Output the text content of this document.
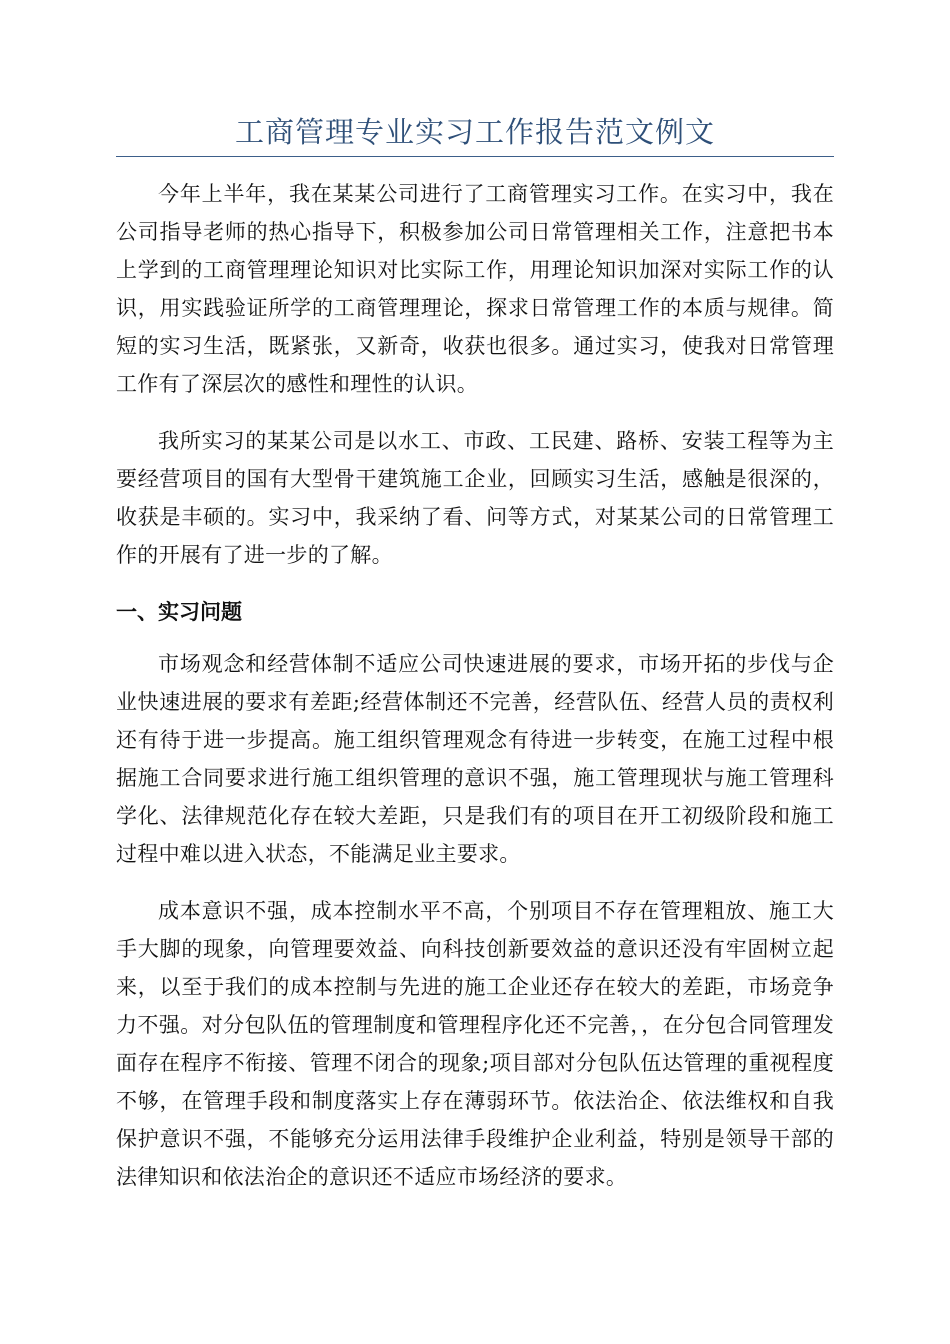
工商管理专业实习工作报告范文例文

今年上半年，我在某某公司进行了工商管理实习工作。在实习中，我在公司指导老师的热心指导下，积极参加公司日常管理相关工作，注意把书本上学到的工商管理理论知识对比实际工作，用理论知识加深对实际工作的认识，用实践验证所学的工商管理理论，探求日常管理工作的本质与规律。简短的实习生活，既紧张，又新奇，收获也很多。通过实习，使我对日常管理工作有了深层次的感性和理性的认识。

我所实习的某某公司是以水工、市政、工民建、路桥、安装工程等为主要经营项目的国有大型骨干建筑施工企业，回顾实习生活，感触是很深的，收获是丰硕的。实习中，我采纳了看、问等方式，对某某公司的日常管理工作的开展有了进一步的了解。

一、实习问题

市场观念和经营体制不适应公司快速进展的要求，市场开拓的步伐与企业快速进展的要求有差距;经营体制还不完善，经营队伍、经营人员的责权利还有待于进一步提高。施工组织管理观念有待进一步转变，在施工过程中根据施工合同要求进行施工组织管理的意识不强，施工管理现状与施工管理科学化、法律规范化存在较大差距，只是我们有的项目在开工初级阶段和施工过程中难以进入状态，不能满足业主要求。

成本意识不强，成本控制水平不高，个别项目不存在管理粗放、施工大手大脚的现象，向管理要效益、向科技创新要效益的意识还没有牢固树立起来，以至于我们的成本控制与先进的施工企业还存在较大的差距，市场竞争力不强。对分包队伍的管理制度和管理程序化还不完善，，在分包合同管理发面存在程序不衔接、管理不闭合的现象;项目部对分包队伍达管理的重视程度不够，在管理手段和制度落实上存在薄弱环节。依法治企、依法维权和自我保护意识不强，不能够充分运用法律手段维护企业利益，特别是领导干部的法律知识和依法治企的意识还不适应市场经济的要求。
